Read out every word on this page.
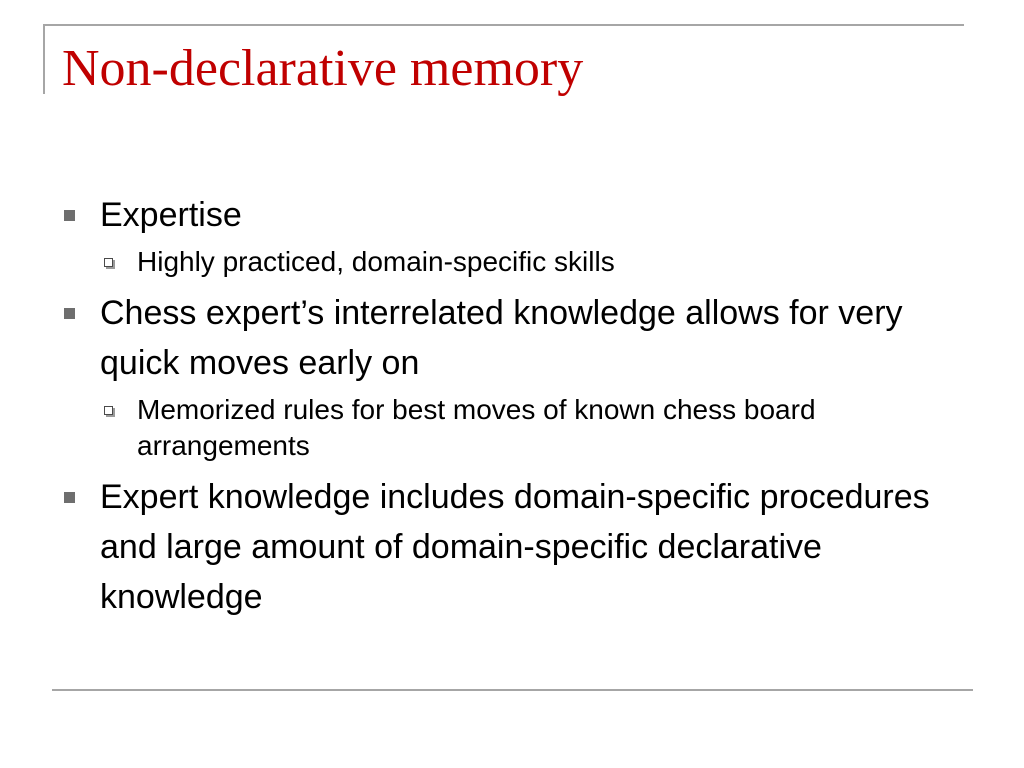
Non-declarative memory
Expertise
Highly practiced, domain-specific skills
Chess expert’s interrelated knowledge allows for very quick moves early on
Memorized rules for best moves of known chess board arrangements
Expert knowledge includes domain-specific procedures and large amount of domain-specific declarative knowledge
